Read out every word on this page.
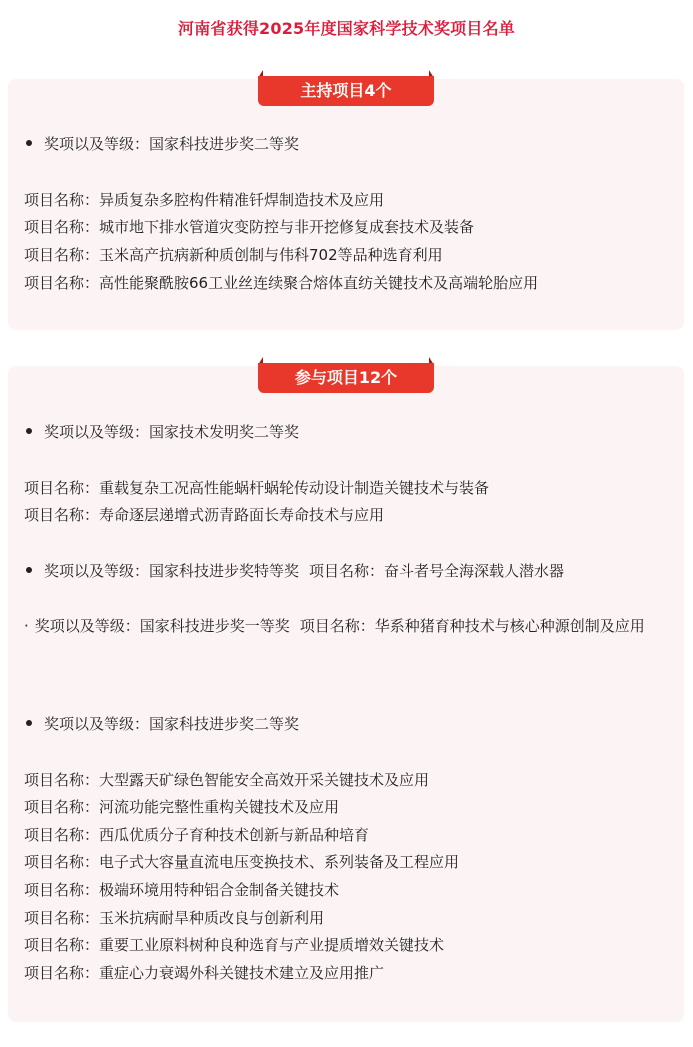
河南省获得2025年度国家科学技术奖项目名单
主持项目4个
奖项以及等级：国家科技进步奖二等奖
项目名称：异质复杂多腔构件精准钎焊制造技术及应用
项目名称：城市地下排水管道灾变防控与非开挖修复成套技术及装备
项目名称：玉米高产抗病新种质创制与伟科702等品种选育利用
项目名称：高性能聚酰胺66工业丝连续聚合熔体直纺关键技术及高端轮胎应用
参与项目12个
奖项以及等级：国家技术发明奖二等奖
项目名称：重载复杂工况高性能蜗杆蜗轮传动设计制造关键技术与装备
项目名称：寿命逐层递增式沥青路面长寿命技术与应用
奖项以及等级：国家科技进步奖特等奖 项目名称：奋斗者号全海深载人潜水器
· 奖项以及等级：国家科技进步奖一等奖 项目名称：华系种猪育种技术与核心种源创制及应用
奖项以及等级：国家科技进步奖二等奖
项目名称：大型露天矿绿色智能安全高效开采关键技术及应用
项目名称：河流功能完整性重构关键技术及应用
项目名称：西瓜优质分子育种技术创新与新品种培育
项目名称：电子式大容量直流电压变换技术、系列装备及工程应用
项目名称：极端环境用特种铝合金制备关键技术
项目名称：玉米抗病耐旱种质改良与创新利用
项目名称：重要工业原料树种良种选育与产业提质增效关键技术
项目名称：重症心力衰竭外科关键技术建立及应用推广
